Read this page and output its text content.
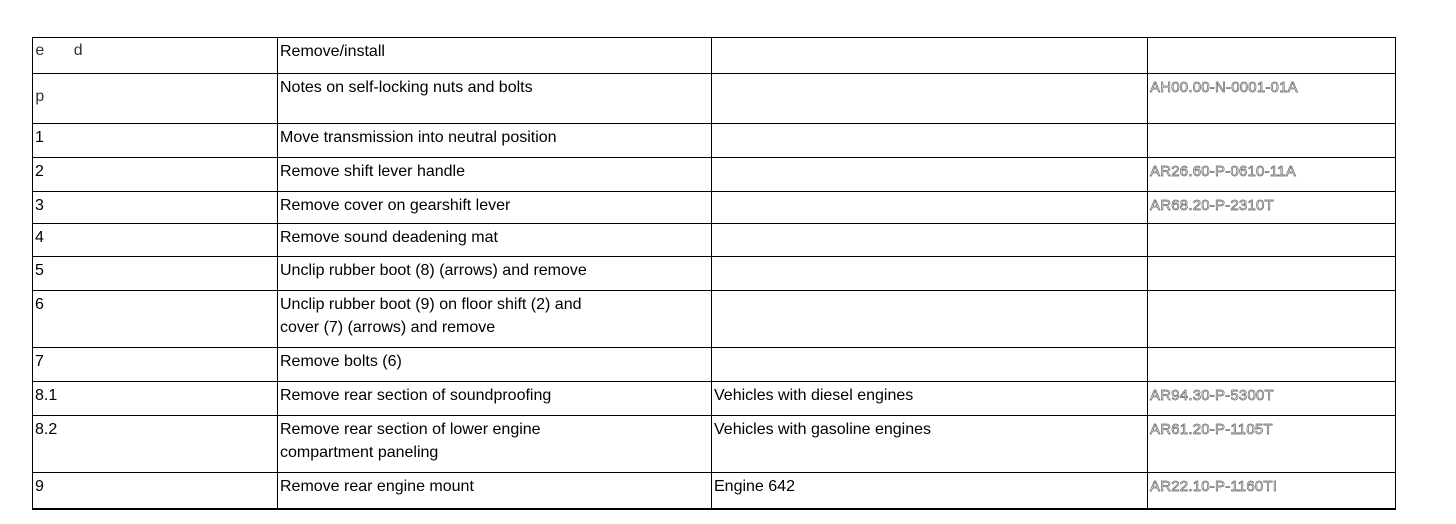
e   d	Remove/install		
p	Notes on self-locking nuts and bolts		AH00.00-N-0001-01A
1	Move transmission into neutral position		
2	Remove shift lever handle		AR26.60-P-0610-11A
3	Remove cover on gearshift lever		AR68.20-P-2310T
4	Remove sound deadening mat		
5	Unclip rubber boot (8) (arrows) and remove		
6	Unclip rubber boot (9) on floor shift (2) and
cover (7) (arrows) and remove		

7	Remove bolts (6)		
8.1	Remove rear section of soundproofing	Vehicles with diesel engines	AR94.30-P-5300T
8.2	Remove rear section of lower engine
compartment paneling	Vehicles with gasoline engines	AR61.20-P-1105T
9	Remove rear engine mount	Engine 642	AR22.10-P-1160TI
